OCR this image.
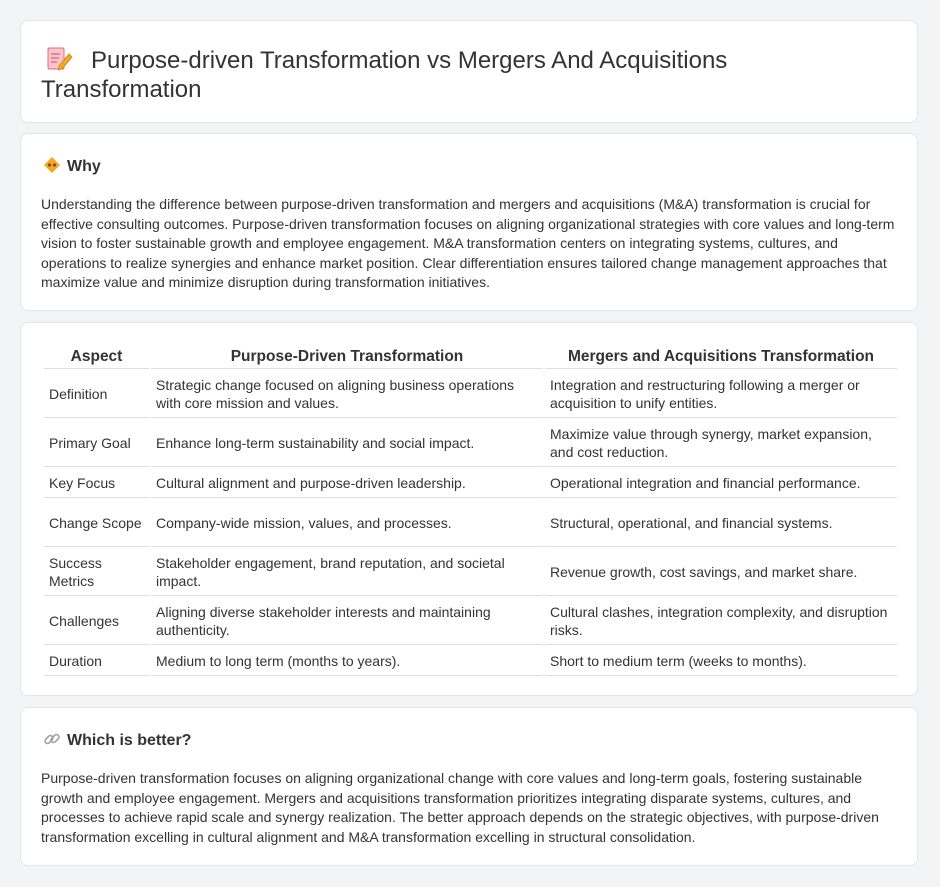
Purpose-driven Transformation vs Mergers And Acquisitions Transformation
Why

Understanding the difference between purpose-driven transformation and mergers and acquisitions (M&A) transformation is crucial for effective consulting outcomes. Purpose-driven transformation focuses on aligning organizational strategies with core values and long-term vision to foster sustainable growth and employee engagement. M&A transformation centers on integrating systems, cultures, and operations to realize synergies and enhance market position. Clear differentiation ensures tailored change management approaches that maximize value and minimize disruption during transformation initiatives.

Aspect	Purpose-Driven Transformation	Mergers and Acquisitions Transformation
Definition	Strategic change focused on aligning business operations with core mission and values.	Integration and restructuring following a merger or acquisition to unify entities.
Primary Goal	Enhance long-term sustainability and social impact.	Maximize value through synergy, market expansion, and cost reduction.
Key Focus	Cultural alignment and purpose-driven leadership.	Operational integration and financial performance.
Change Scope	Company-wide mission, values, and processes.	Structural, operational, and financial systems.
Success Metrics	Stakeholder engagement, brand reputation, and societal impact.	Revenue growth, cost savings, and market share.
Challenges	Aligning diverse stakeholder interests and maintaining authenticity.	Cultural clashes, integration complexity, and disruption risks.
Duration	Medium to long term (months to years).	Short to medium term (weeks to months).
Which is better?

Purpose-driven transformation focuses on aligning organizational change with core values and long-term goals, fostering sustainable growth and employee engagement. Mergers and acquisitions transformation prioritizes integrating disparate systems, cultures, and processes to achieve rapid scale and synergy realization. The better approach depends on the strategic objectives, with purpose-driven transformation excelling in cultural alignment and M&A transformation excelling in structural consolidation.
